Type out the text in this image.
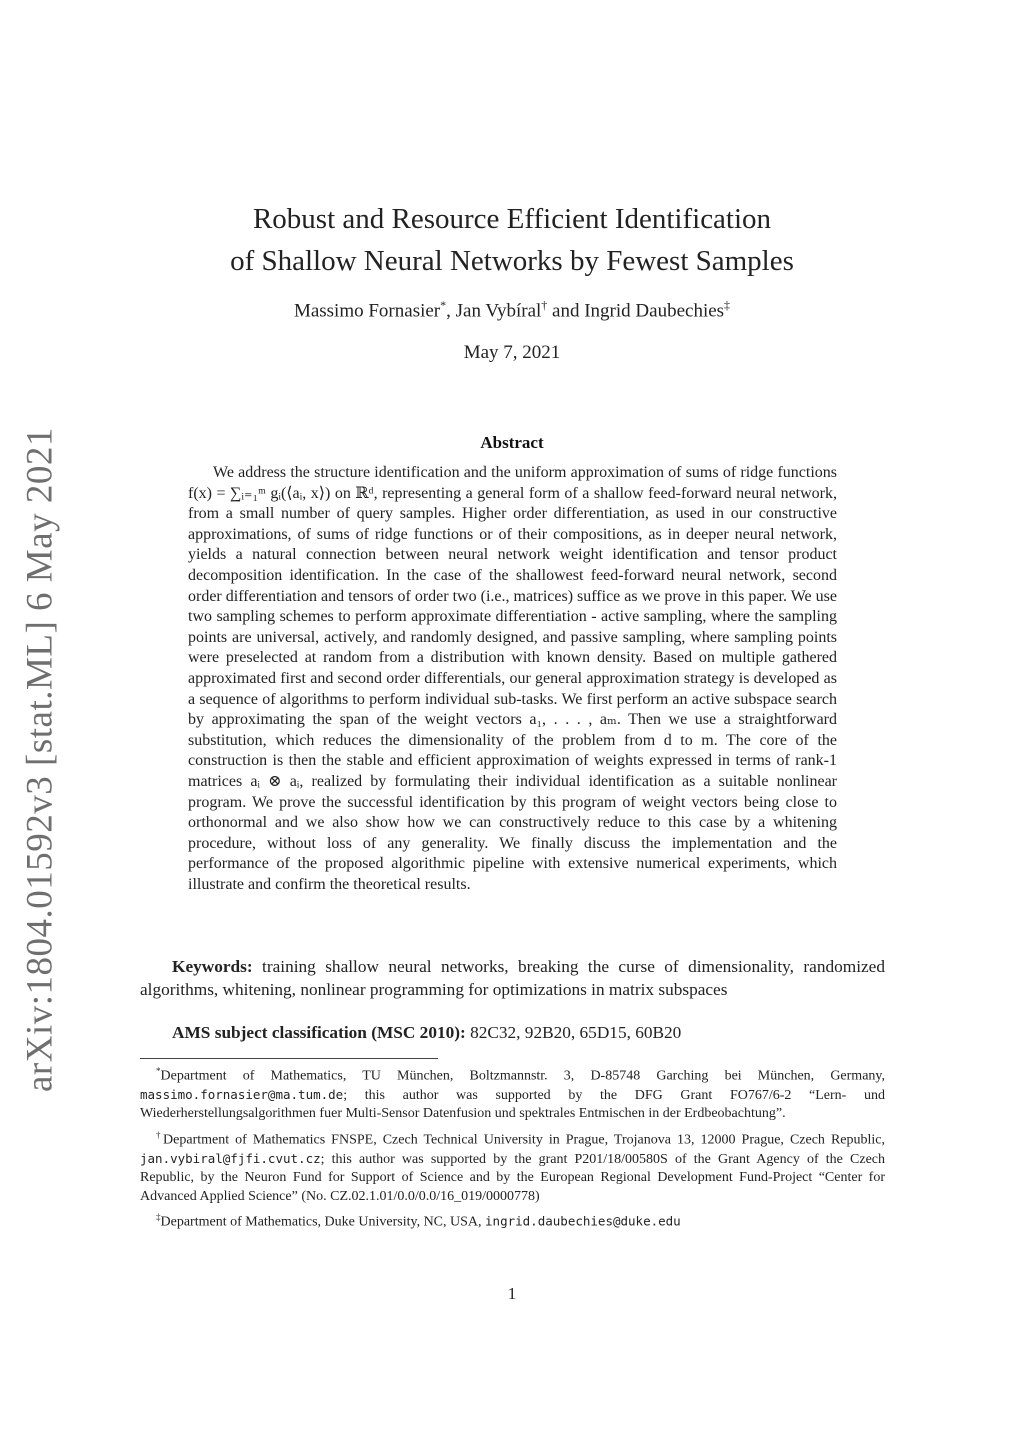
arXiv:1804.01592v3 [stat.ML] 6 May 2021
Robust and Resource Efficient Identification
of Shallow Neural Networks by Fewest Samples
Massimo Fornasier*, Jan Vybíral† and Ingrid Daubechies‡
May 7, 2021
Abstract

We address the structure identification and the uniform approximation of sums of ridge functions f(x) = ∑ᵢ₌₁ᵐ gᵢ(⟨aᵢ, x⟩) on ℝᵈ, representing a general form of a shallow feed-forward neural network, from a small number of query samples. Higher order differentiation, as used in our constructive approximations, of sums of ridge functions or of their compositions, as in deeper neural network, yields a natural connection between neural network weight identification and tensor product decomposition identification. In the case of the shallowest feed-forward neural network, second order differentiation and tensors of order two (i.e., matrices) suffice as we prove in this paper. We use two sampling schemes to perform approximate differentiation - active sampling, where the sampling points are universal, actively, and randomly designed, and passive sampling, where sampling points were preselected at random from a distribution with known density. Based on multiple gathered approximated first and second order differentials, our general approximation strategy is developed as a sequence of algorithms to perform individual sub-tasks. We first perform an active subspace search by approximating the span of the weight vectors a₁, . . . , aₘ. Then we use a straightforward substitution, which reduces the dimensionality of the problem from d to m. The core of the construction is then the stable and efficient approximation of weights expressed in terms of rank-1 matrices aᵢ ⊗ aᵢ, realized by formulating their individual identification as a suitable nonlinear program. We prove the successful identification by this program of weight vectors being close to orthonormal and we also show how we can constructively reduce to this case by a whitening procedure, without loss of any generality. We finally discuss the implementation and the performance of the proposed algorithmic pipeline with extensive numerical experiments, which illustrate and confirm the theoretical results.

Keywords: training shallow neural networks, breaking the curse of dimensionality, randomized algorithms, whitening, nonlinear programming for optimizations in matrix subspaces

AMS subject classification (MSC 2010): 82C32, 92B20, 65D15, 60B20

*Department of Mathematics, TU München, Boltzmannstr. 3, D-85748 Garching bei München, Germany, massimo.fornasier@ma.tum.de; this author was supported by the DFG Grant FO767/6-2 “Lern- und Wiederherstellungsalgorithmen fuer Multi-Sensor Datenfusion und spektrales Entmischen in der Erdbeobachtung”.

†Department of Mathematics FNSPE, Czech Technical University in Prague, Trojanova 13, 12000 Prague, Czech Republic, jan.vybiral@fjfi.cvut.cz; this author was supported by the grant P201/18/00580S of the Grant Agency of the Czech Republic, by the Neuron Fund for Support of Science and by the European Regional Development Fund-Project “Center for Advanced Applied Science” (No. CZ.02.1.01/0.0/0.0/16_019/0000778)

‡Department of Mathematics, Duke University, NC, USA, ingrid.daubechies@duke.edu

1
